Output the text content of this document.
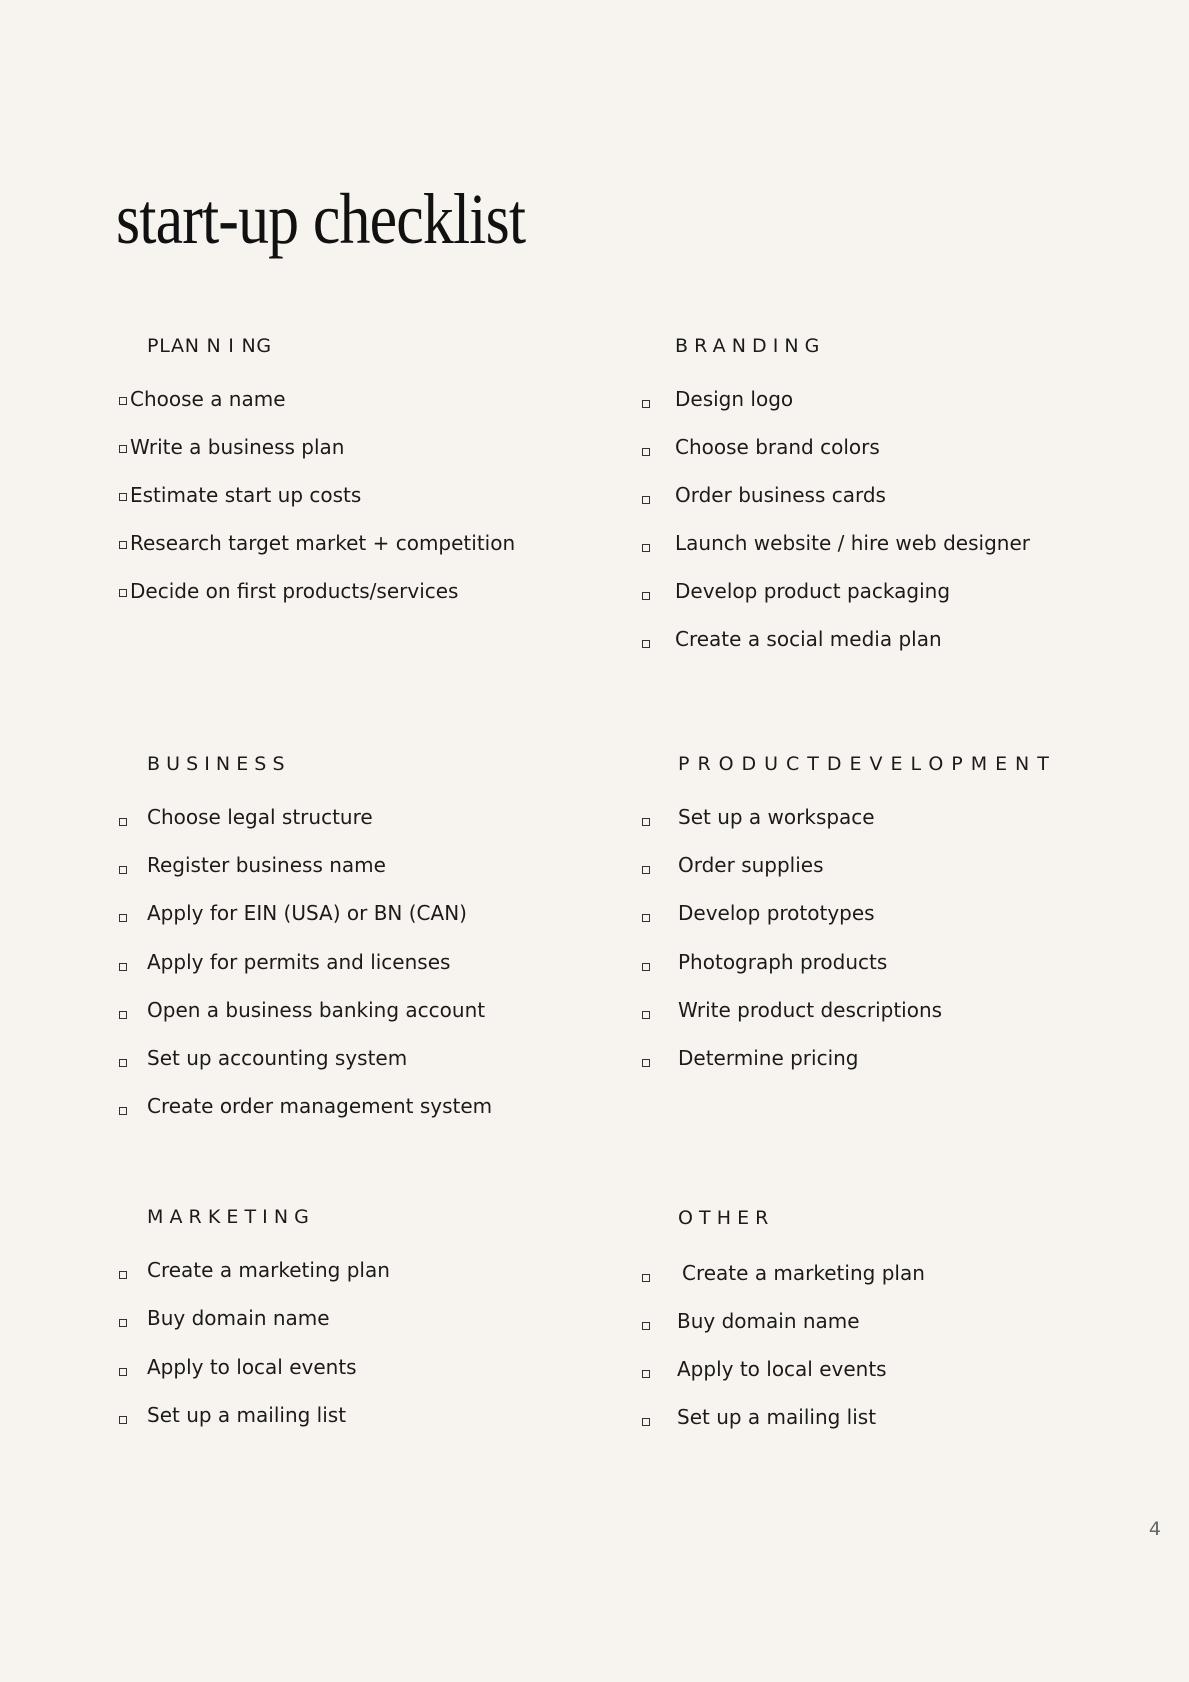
start-up checklist
PLAN N I NG
Choose a name
Write a business plan
Estimate start up costs
Research target market + competition
Decide on first products/services
BRANDING
Design logo
Choose brand colors
Order business cards
Launch website / hire web designer
Develop product packaging
Create a social media plan
BUSINESS
Choose legal structure
Register business name
Apply for EIN (USA) or BN (CAN)
Apply for permits and licenses
Open a business banking account
Set up accounting system
Create order management system
PRODUCTDEVELOPMENT
Set up a workspace
Order supplies
Develop prototypes
Photograph products
Write product descriptions
Determine pricing
MARKETING
Create a marketing plan
Buy domain name
Apply to local events
Set up a mailing list
OTHER
Create a marketing plan
Buy domain name
Apply to local events
Set up a mailing list
4
